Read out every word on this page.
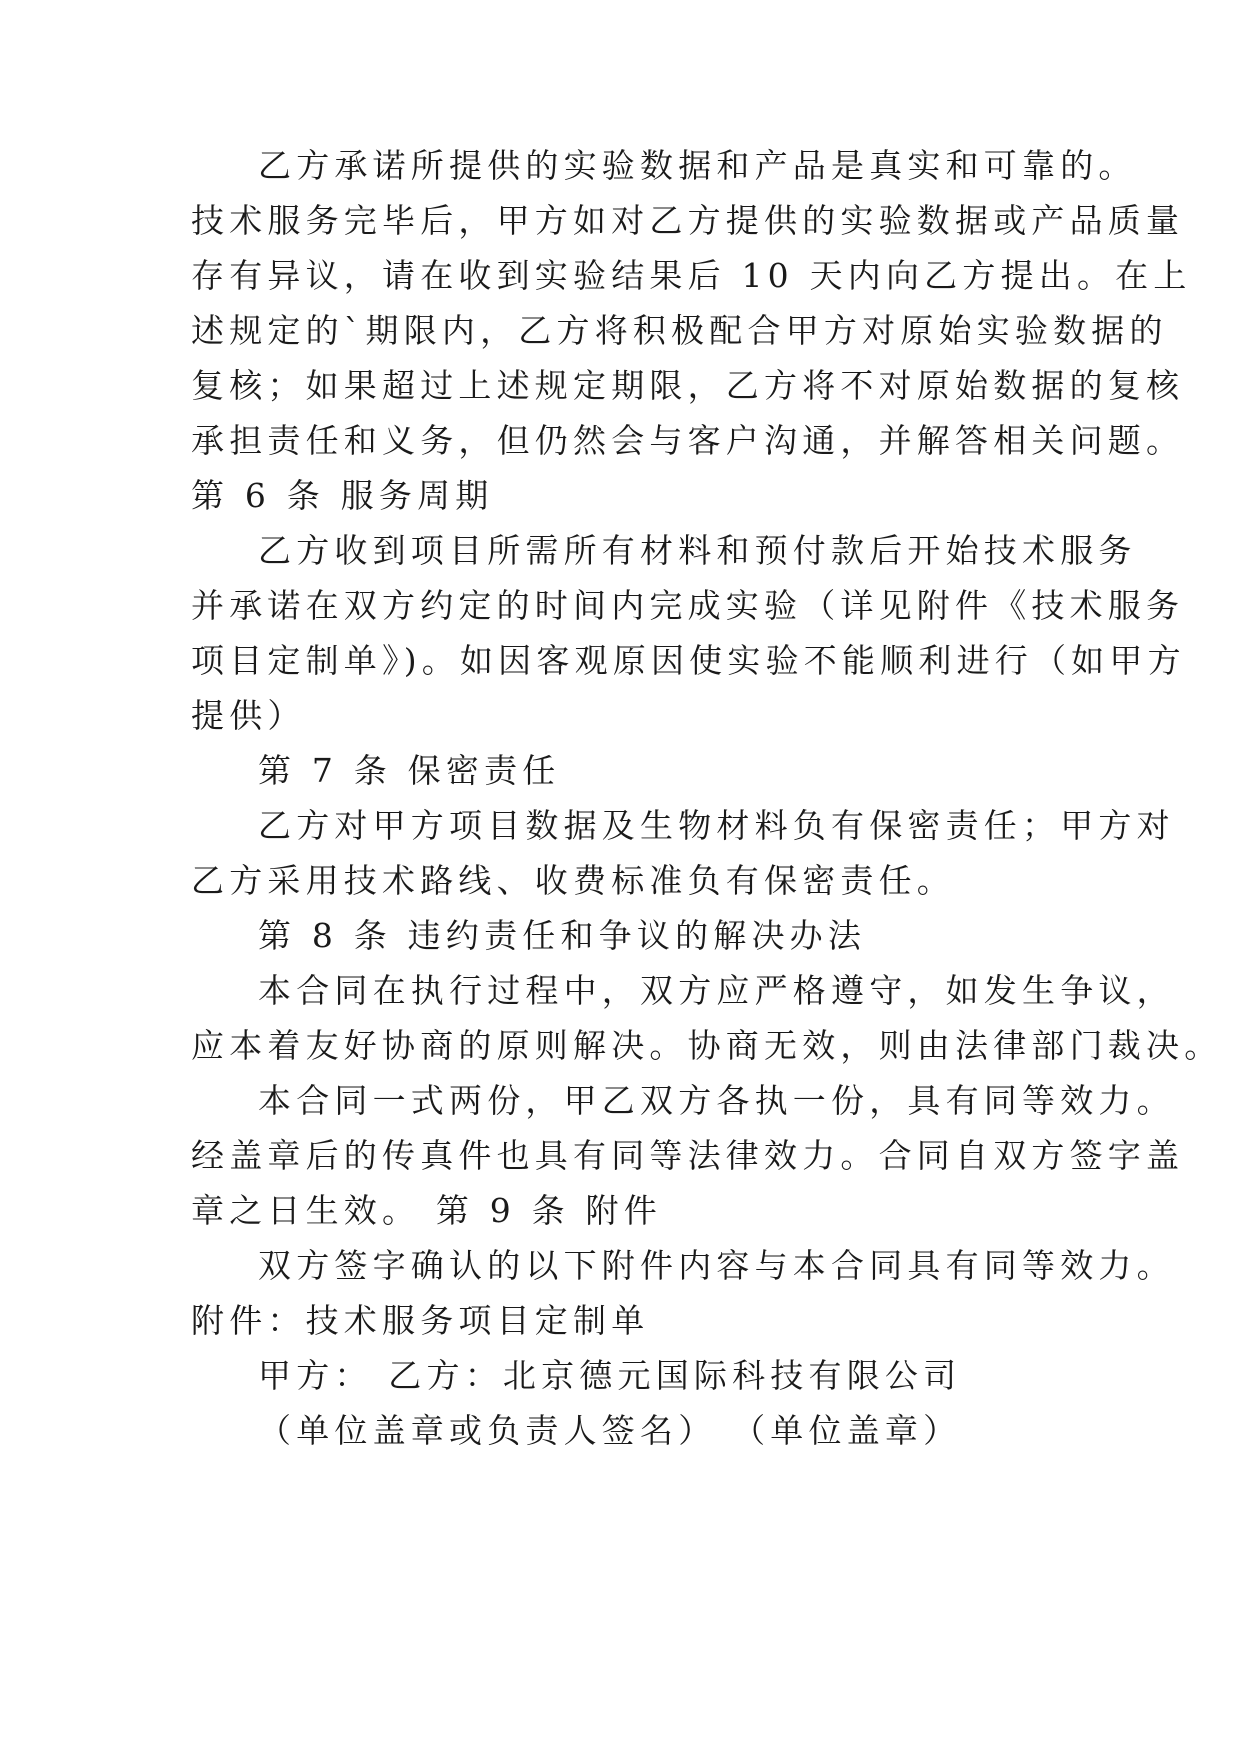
乙方承诺所提供的实验数据和产品是真实和可靠的。
技术服务完毕后，甲方如对乙方提供的实验数据或产品质量
存有异议，请在收到实验结果后 10 天内向乙方提出。在上
述规定的`期限内，乙方将积极配合甲方对原始实验数据的
复核；如果超过上述规定期限，乙方将不对原始数据的复核
承担责任和义务，但仍然会与客户沟通，并解答相关问题。
第 6 条 服务周期
乙方收到项目所需所有材料和预付款后开始技术服务
并承诺在双方约定的时间内完成实验（详见附件《技术服务
项目定制单》)。如因客观原因使实验不能顺利进行（如甲方
提供）
第 7 条 保密责任
乙方对甲方项目数据及生物材料负有保密责任；甲方对
乙方采用技术路线、收费标准负有保密责任。
第 8 条 违约责任和争议的解决办法
本合同在执行过程中，双方应严格遵守，如发生争议，
应本着友好协商的原则解决。协商无效，则由法律部门裁决。
本合同一式两份，甲乙双方各执一份，具有同等效力。
经盖章后的传真件也具有同等法律效力。合同自双方签字盖
章之日生效。 第 9 条 附件
双方签字确认的以下附件内容与本合同具有同等效力。
附件：技术服务项目定制单
甲方： 乙方：北京德元国际科技有限公司
（单位盖章或负责人签名） （单位盖章）
